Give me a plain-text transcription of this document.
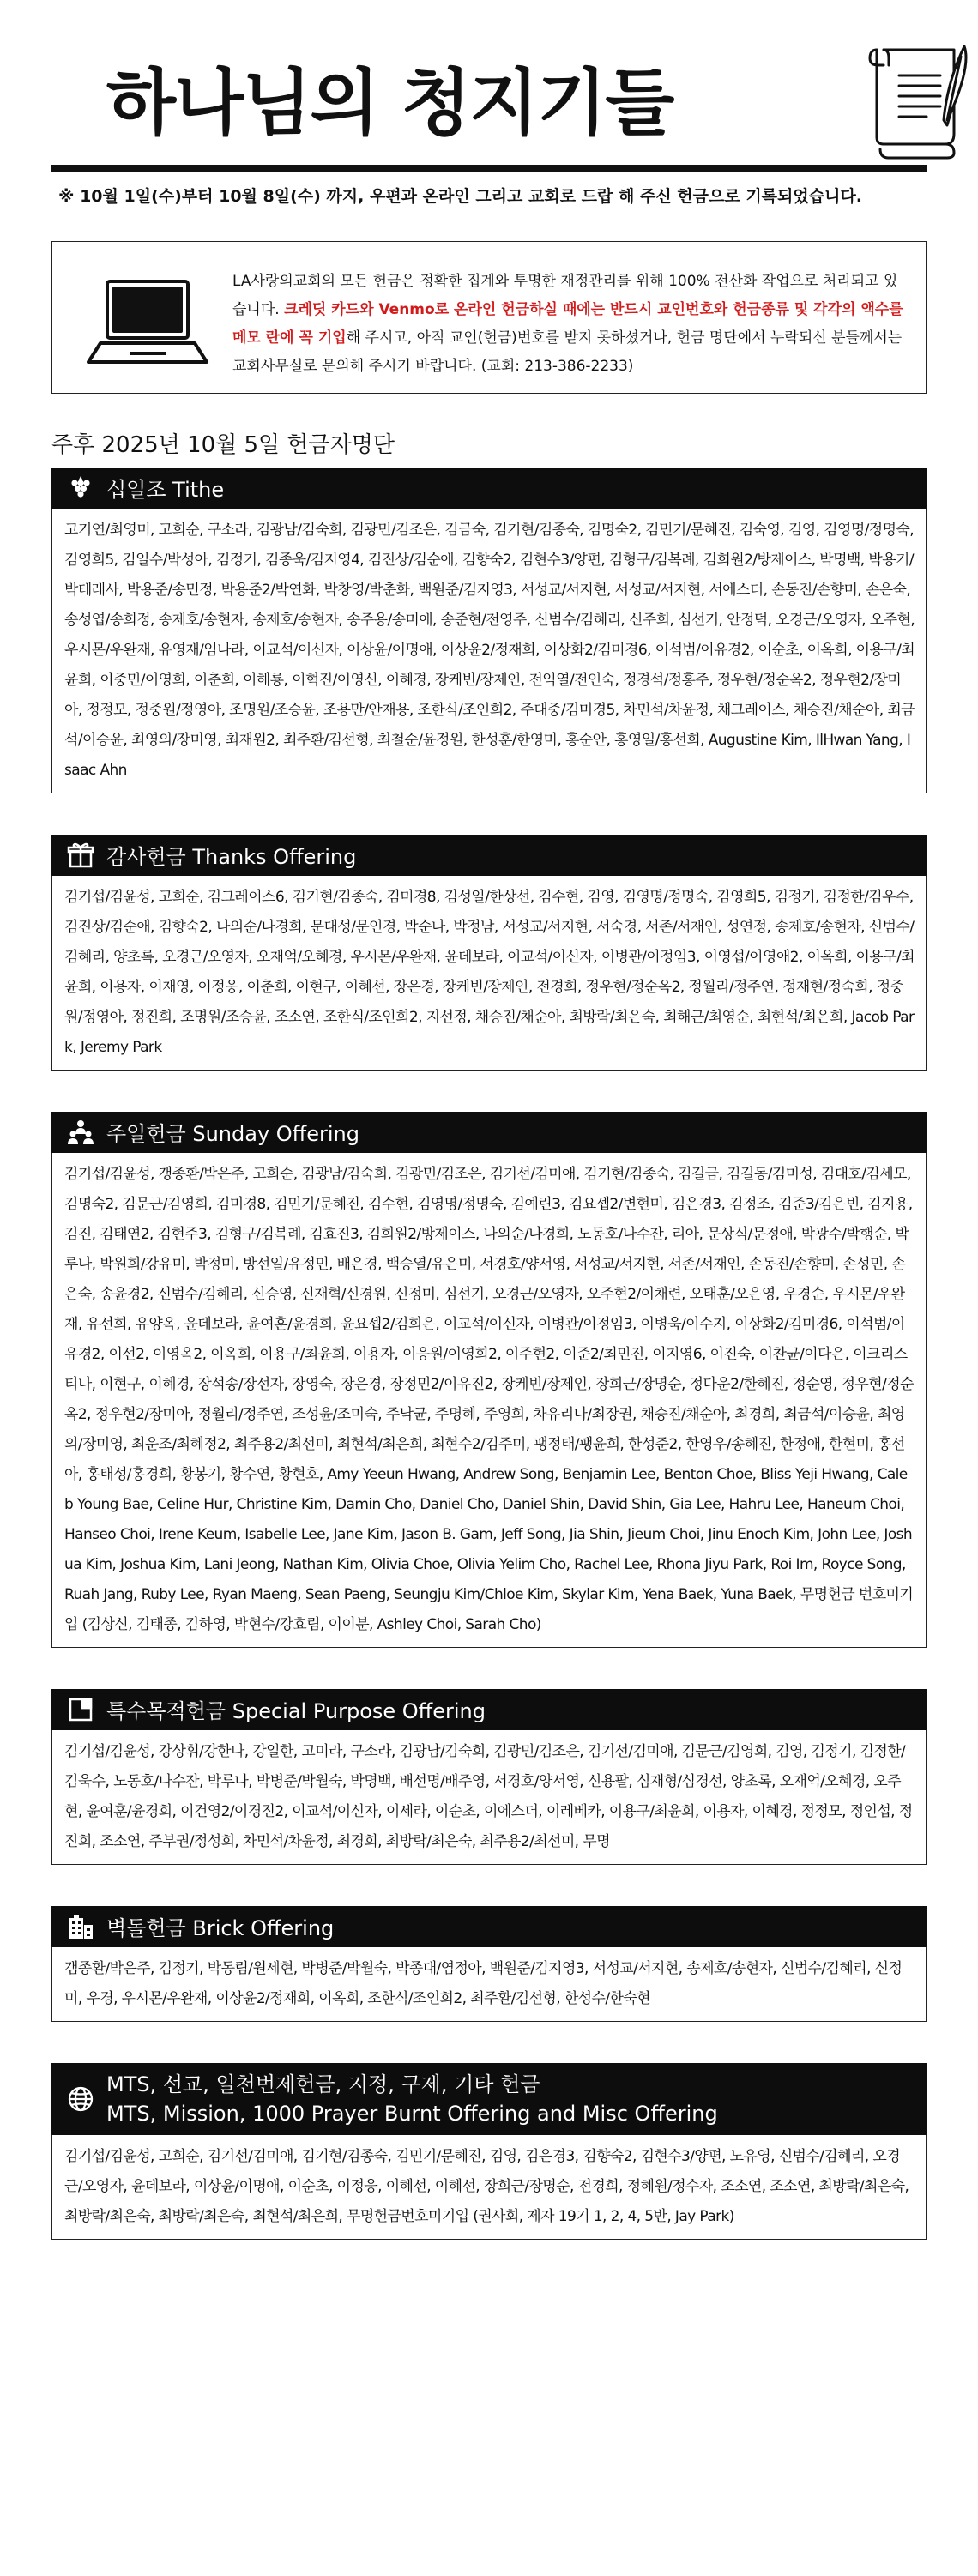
하나님의 청지기들
※ 10월 1일(수)부터 10월 8일(수) 까지, 우편과 온라인 그리고 교회로 드랍 해 주신 헌금으로 기록되었습니다.
LA사랑의교회의 모든 헌금은 정확한 집계와 투명한 재정관리를 위해 100% 전산화 작업으로 처리되고 있습니다. 크레딧 카드와 Venmo로 온라인 헌금하실 때에는 반드시 교인번호와 헌금종류 및 각각의 액수를 메모 란에 꼭 기입해 주시고, 아직 교인(헌금)번호를 받지 못하셨거나, 헌금 명단에서 누락되신 분들께서는 교회사무실로 문의해 주시기 바랍니다. (교회: 213-386-2233)
주후 2025년 10월 5일 헌금자명단
십일조 Tithe
고기연/최영미, 고희순, 구소라, 김광남/김숙희, 김광민/김조은, 김금숙, 김기현/김종숙, 김명숙2, 김민기/문혜진, 김숙영, 김영, 김영명/정명숙, 김영희5, 김일수/박성아, 김정기, 김종욱/김지영4, 김진상/김순애, 김향숙2, 김현수3/양편, 김형구/김복례, 김희원2/방제이스, 박명백, 박용기/박테레사, 박용준/송민정, 박용준2/박연화, 박창영/박춘화, 백원준/김지영3, 서성교/서지현, 서성교/서지현, 서에스더, 손동진/손향미, 손은숙, 송성엽/송희정, 송제호/송현자, 송제호/송현자, 송주용/송미애, 송준현/전영주, 신범수/김혜리, 신주희, 심선기, 안정덕, 오경근/오영자, 오주현, 우시몬/우완재, 유영재/임나라, 이교석/이신자, 이상윤/이명애, 이상윤2/정재희, 이상화2/김미경6, 이석범/이유경2, 이순초, 이옥희, 이용구/최윤희, 이중민/이영희, 이춘희, 이해룡, 이혁진/이영신, 이혜경, 장케빈/장제인, 전익열/전인숙, 정경석/정홍주, 정우현/정순옥2, 정우현2/장미아, 정정모, 정중원/정영아, 조명원/조승윤, 조용만/안재용, 조한식/조인희2, 주대중/김미경5, 차민석/차윤정, 채그레이스, 채승진/채순아, 최금석/이승윤, 최영의/장미영, 최재원2, 최주환/김선형, 최철순/윤정원, 한성훈/한영미, 홍순안, 홍영일/홍선희, Augustine Kim, IlHwan Yang, Isaac Ahn
감사헌금 Thanks Offering
김기섭/김윤성, 고희순, 김그레이스6, 김기현/김종숙, 김미경8, 김성일/한상선, 김수현, 김영, 김영명/정명숙, 김영희5, 김정기, 김정한/김우수, 김진상/김순애, 김향숙2, 나의순/나경희, 문대성/문인경, 박순나, 박정남, 서성교/서지현, 서숙경, 서존/서재인, 성연정, 송제호/송현자, 신범수/김혜리, 양초록, 오경근/오영자, 오재억/오혜경, 우시몬/우완재, 윤데보라, 이교석/이신자, 이병관/이정임3, 이영섭/이영애2, 이옥희, 이용구/최윤희, 이용자, 이재영, 이정웅, 이춘희, 이현구, 이혜선, 장은경, 장케빈/장제인, 전경희, 정우현/정순옥2, 정월리/정주연, 정재현/정숙희, 정중원/정영아, 정진희, 조명원/조승윤, 조소연, 조한식/조인희2, 지선정, 채승진/채순아, 최방락/최은숙, 최해근/최영순, 최현석/최은희, Jacob Park, Jeremy Park
주일헌금 Sunday Offering
김기섭/김윤성, 갱종환/박은주, 고희순, 김광남/김숙희, 김광민/김조은, 김기선/김미애, 김기현/김종숙, 김길금, 김길동/김미성, 김대호/김세모, 김명숙2, 김문근/김영희, 김미경8, 김민기/문혜진, 김수현, 김영명/정명숙, 김예린3, 김요셉2/변현미, 김은경3, 김정조, 김준3/김은빈, 김지용, 김진, 김태연2, 김현주3, 김형구/김복례, 김효진3, 김희원2/방제이스, 나의순/나경희, 노동호/나수잔, 리아, 문상식/문정애, 박광수/박행순, 박루나, 박원희/강유미, 박정미, 방선일/유정민, 배은경, 백승열/유은미, 서경호/양서영, 서성교/서지현, 서존/서재인, 손동진/손향미, 손성민, 손은숙, 송윤경2, 신범수/김혜리, 신승영, 신재혁/신경원, 신정미, 심선기, 오경근/오영자, 오주현2/이채련, 오태훈/오은영, 우경순, 우시몬/우완재, 유선희, 유양옥, 윤데보라, 윤여훈/윤경희, 윤요셉2/김희은, 이교석/이신자, 이병관/이정임3, 이병욱/이수지, 이상화2/김미경6, 이석범/이유경2, 이선2, 이영옥2, 이옥희, 이용구/최윤희, 이용자, 이응원/이영희2, 이주현2, 이준2/최민진, 이지영6, 이진숙, 이찬균/이다은, 이크리스티나, 이현구, 이혜경, 장석송/장선자, 장영숙, 장은경, 장정민2/이유진2, 장케빈/장제인, 장희근/장명순, 정다운2/한혜진, 정순영, 정우현/정순옥2, 정우현2/장미아, 정월리/정주연, 조성윤/조미숙, 주낙균, 주명혜, 주영희, 차유리나/최장권, 채승진/채순아, 최경희, 최금석/이승윤, 최영의/장미영, 최운조/최혜정2, 최주용2/최선미, 최현석/최은희, 최현수2/김주미, 팽정태/팽윤희, 한성준2, 한영우/송혜진, 한정애, 한현미, 홍선아, 홍태성/홍경희, 황봉기, 황수연, 황현호, Amy Yeeun Hwang, Andrew Song, Benjamin Lee, Benton Choe, Bliss Yeji Hwang, Caleb Young Bae, Celine Hur, Christine Kim, Damin Cho, Daniel Cho, Daniel Shin, David Shin, Gia Lee, Hahru Lee, Haneum Choi, Hanseo Choi, Irene Keum, Isabelle Lee, Jane Kim, Jason B. Gam, Jeff Song, Jia Shin, Jieum Choi, Jinu Enoch Kim, John Lee, Joshua Kim, Joshua Kim, Lani Jeong, Nathan Kim, Olivia Choe, Olivia Yelim Cho, Rachel Lee, Rhona Jiyu Park, Roi Im, Royce Song, Ruah Jang, Ruby Lee, Ryan Maeng, Sean Paeng, Seungju Kim/Chloe Kim, Skylar Kim, Yena Baek, Yuna Baek, 무명헌금 번호미기입 (김상신, 김태종, 김하영, 박현수/강효림, 이이분, Ashley Choi, Sarah Cho)
특수목적헌금 Special Purpose Offering
김기섭/김윤성, 강상휘/강한나, 강일한, 고미라, 구소라, 김광남/김숙희, 김광민/김조은, 김기선/김미애, 김문근/김영희, 김영, 김정기, 김정한/김욱수, 노동호/나수잔, 박루나, 박병준/박월숙, 박명백, 배선명/배주영, 서경호/양서영, 신용팔, 심재형/심경선, 양초록, 오재억/오혜경, 오주현, 윤여훈/윤경희, 이건영2/이경진2, 이교석/이신자, 이세라, 이순초, 이에스더, 이레베카, 이용구/최윤희, 이용자, 이혜경, 정정모, 정인섭, 정진희, 조소연, 주부권/정성희, 차민석/차윤정, 최경희, 최방락/최은숙, 최주용2/최선미, 무명
벽돌헌금 Brick Offering
갬종환/박은주, 김정기, 박동림/원세현, 박병준/박월숙, 박종대/염정아, 백원준/김지영3, 서성교/서지현, 송제호/송현자, 신범수/김혜리, 신정미, 우경, 우시몬/우완재, 이상윤2/정재희, 이옥희, 조한식/조인희2, 최주환/김선형, 한성수/한숙현
MTS, 선교, 일천번제헌금, 지정, 구제, 기타 헌금
MTS, Mission, 1000 Prayer Burnt Offering and Misc Offering
김기섭/김윤성, 고희순, 김기선/김미애, 김기현/김종숙, 김민기/문혜진, 김영, 김은경3, 김향숙2, 김현수3/양편, 노유영, 신범수/김혜리, 오경근/오영자, 윤데보라, 이상윤/이명애, 이순초, 이정웅, 이혜선, 이혜선, 장희근/장명순, 전경희, 정혜원/정수자, 조소연, 조소연, 최방락/최은숙, 최방락/최은숙, 최방락/최은숙, 최현석/최은희, 무명헌금번호미기입 (권사회, 제자 19기 1, 2, 4, 5반, Jay Park)
